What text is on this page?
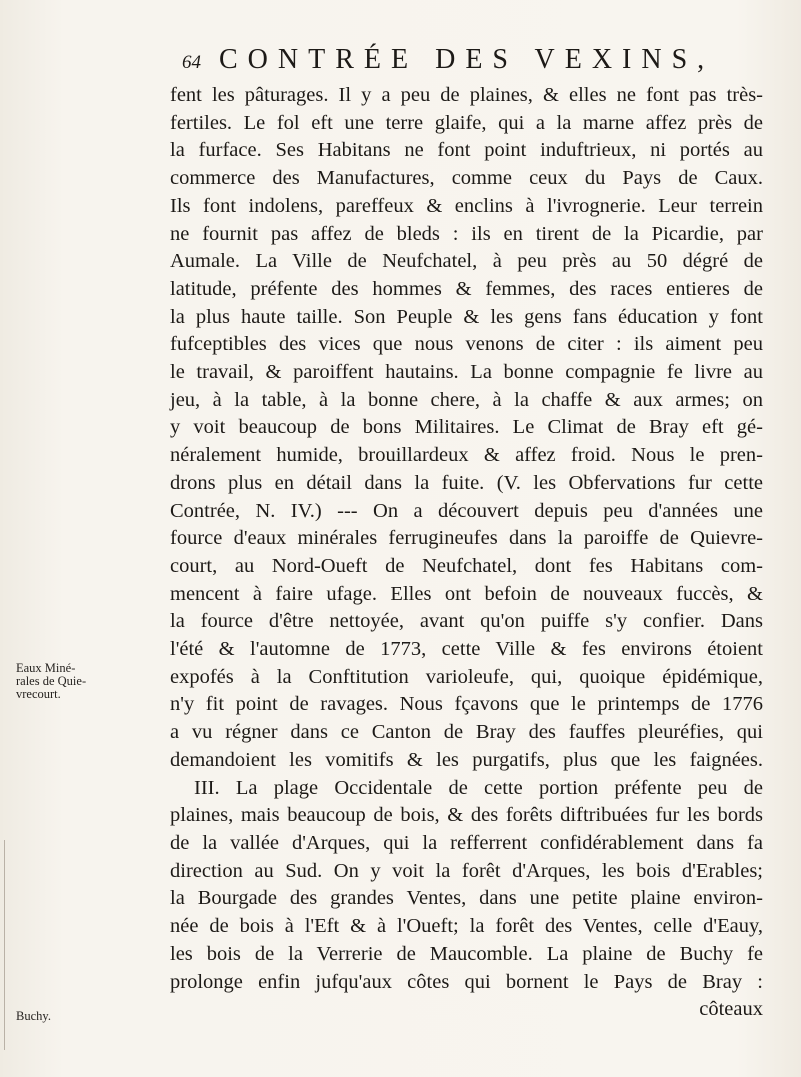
64 CONTRÉE DES VEXINS,
Eaux Miné-
rales de Quie-
vrecourt.
Buchy.
fent les pâturages. Il y a peu de plaines, & elles ne font pas très-
fertiles. Le fol eft une terre glaife, qui a la marne affez près de
la furface. Ses Habitans ne font point induftrieux, ni portés au
commerce des Manufactures, comme ceux du Pays de Caux.
Ils font indolens, pareffeux & enclins à l'ivrognerie. Leur terrein
ne fournit pas affez de bleds : ils en tirent de la Picardie, par
Aumale. La Ville de Neufchatel, à peu près au 50 dégré de
latitude, préfente des hommes & femmes, des races entieres de
la plus haute taille. Son Peuple & les gens fans éducation y font
fufceptibles des vices que nous venons de citer : ils aiment peu
le travail, & paroiffent hautains. La bonne compagnie fe livre au
jeu, à la table, à la bonne chere, à la chaffe & aux armes; on
y voit beaucoup de bons Militaires. Le Climat de Bray eft gé-
néralement humide, brouillardeux & affez froid. Nous le pren-
drons plus en détail dans la fuite. (V. les Obfervations fur cette
Contrée, N. IV.) --- On a découvert depuis peu d'années une
fource d'eaux minérales ferrugineufes dans la paroiffe de Quievre-
court, au Nord-Oueft de Neufchatel, dont fes Habitans com-
mencent à faire ufage. Elles ont befoin de nouveaux fuccès, &
la fource d'être nettoyée, avant qu'on puiffe s'y confier. Dans
l'été & l'automne de 1773, cette Ville & fes environs étoient
expofés à la Conftitution varioleufe, qui, quoique épidémique,
n'y fit point de ravages. Nous fçavons que le printemps de 1776
a vu régner dans ce Canton de Bray des fauffes pleuréfies, qui
demandoient les vomitifs & les purgatifs, plus que les faignées.
III. La plage Occidentale de cette portion préfente peu de
plaines, mais beaucoup de bois, & des forêts diftribuées fur les bords
de la vallée d'Arques, qui la refferrent confidérablement dans fa
direction au Sud. On y voit la forêt d'Arques, les bois d'Erables;
la Bourgade des grandes Ventes, dans une petite plaine environ-
née de bois à l'Eft & à l'Oueft; la forêt des Ventes, celle d'Eauy,
les bois de la Verrerie de Maucomble. La plaine de Buchy fe
prolonge enfin jufqu'aux côtes qui bornent le Pays de Bray :
côteaux
